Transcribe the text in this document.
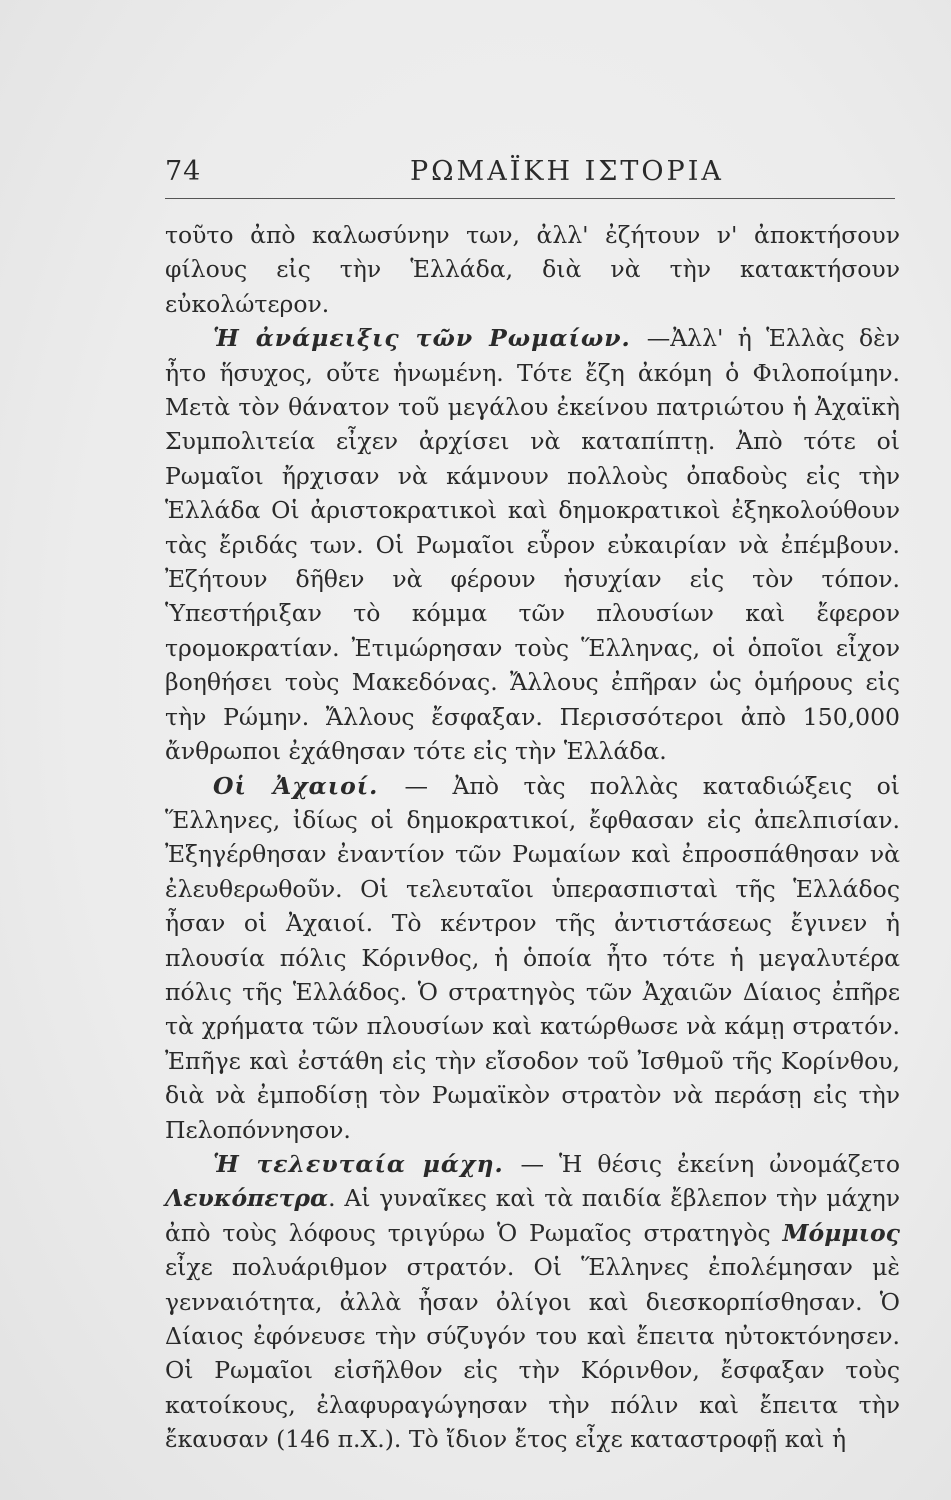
74	ΡΩΜΑΪΚΗ ΙΣΤΟΡΙΑ

τοῦτο ἀπὸ καλωσύνην των, ἀλλ' ἐζήτουν ν' ἀποκτήσουν φίλους εἰς τὴν Ἑλλάδα, διὰ νὰ τὴν κατακτήσουν εὐκολώτερον.

Ἡ ἀνάμειξις τῶν Ρωμαίων. —Ἀλλ' ἡ Ἑλλὰς δὲν ἦτο ἥσυχος, οὔτε ἡνωμένη. Τότε ἔζη ἀκόμη ὁ Φιλοποίμην. Μετὰ τὸν θάνατον τοῦ μεγάλου ἐκείνου πατριώτου ἡ Ἀχαϊκὴ Συμπολιτεία εἶχεν ἀρχίσει νὰ καταπίπτῃ. Ἀπὸ τότε οἱ Ρωμαῖοι ἤρχισαν νὰ κάμνουν πολλοὺς ὀπαδοὺς εἰς τὴν Ἑλλάδα Οἱ ἀριστοκρατικοὶ καὶ δημοκρατικοὶ ἐξηκολούθουν τὰς ἔριδάς των. Οἱ Ρωμαῖοι εὗρον εὐκαιρίαν νὰ ἐπέμβουν. Ἐζήτουν δῆθεν νὰ φέρουν ἡσυχίαν εἰς τὸν τόπον. Ὑπεστήριξαν τὸ κόμμα τῶν πλουσίων καὶ ἔφερον τρομοκρατίαν. Ἐτιμώρησαν τοὺς Ἕλληνας, οἱ ὁποῖοι εἶχον βοηθήσει τοὺς Μακεδόνας. Ἄλλους ἐπῆραν ὡς ὁμήρους εἰς τὴν Ρώμην. Ἄλλους ἔσφαξαν. Περισσότεροι ἀπὸ 150,000 ἄνθρωποι ἐχάθησαν τότε εἰς τὴν Ἑλλάδα.

Οἱ Ἀχαιοί. — Ἀπὸ τὰς πολλὰς καταδιώξεις οἱ Ἕλληνες, ἰδίως οἱ δημοκρατικοί, ἔφθασαν εἰς ἀπελπισίαν. Ἐξηγέρθησαν ἐναντίον τῶν Ρωμαίων καὶ ἐπροσπάθησαν νὰ ἐλευθερωθοῦν. Οἱ τελευταῖοι ὑπερασπισταὶ τῆς Ἑλλάδος ἦσαν οἱ Ἀχαιοί. Τὸ κέντρον τῆς ἀντιστάσεως ἔγινεν ἡ πλουσία πόλις Κόρινθος, ἡ ὁποία ἦτο τότε ἡ μεγαλυτέρα πόλις τῆς Ἑλλάδος. Ὁ στρατηγὸς τῶν Ἀχαιῶν Δίαιος ἐπῆρε τὰ χρήματα τῶν πλουσίων καὶ κατώρθωσε νὰ κάμῃ στρατόν. Ἐπῆγε καὶ ἐστάθη εἰς τὴν εἴσοδον τοῦ Ἰσθμοῦ τῆς Κορίνθου, διὰ νὰ ἐμποδίσῃ τὸν Ρωμαϊκὸν στρατὸν νὰ περάσῃ εἰς τὴν Πελοπόννησον.

Ἡ τελευταία μάχη. — Ἡ θέσις ἐκείνη ὠνομάζετο Λευκόπετρα. Αἱ γυναῖκες καὶ τὰ παιδία ἔβλεπον τὴν μάχην ἀπὸ τοὺς λόφους τριγύρω Ὁ Ρωμαῖος στρατηγὸς Μόμμιος εἶχε πολυάριθμον στρατόν. Οἱ Ἕλληνες ἐπολέμησαν μὲ γενναιότητα, ἀλλὰ ἦσαν ὀλίγοι καὶ διεσκορπίσθησαν. Ὁ Δίαιος ἐφόνευσε τὴν σύζυγόν του καὶ ἔπειτα ηὐτοκτόνησεν. Οἱ Ρωμαῖοι εἰσῆλθον εἰς τὴν Κόρινθον, ἔσφαξαν τοὺς κατοίκους, ἐλαφυραγώγησαν τὴν πόλιν καὶ ἔπειτα τὴν ἔκαυσαν (146 π.Χ.). Τὸ ἴδιον ἔτος εἶχε καταστροφῇ καὶ ἡ
